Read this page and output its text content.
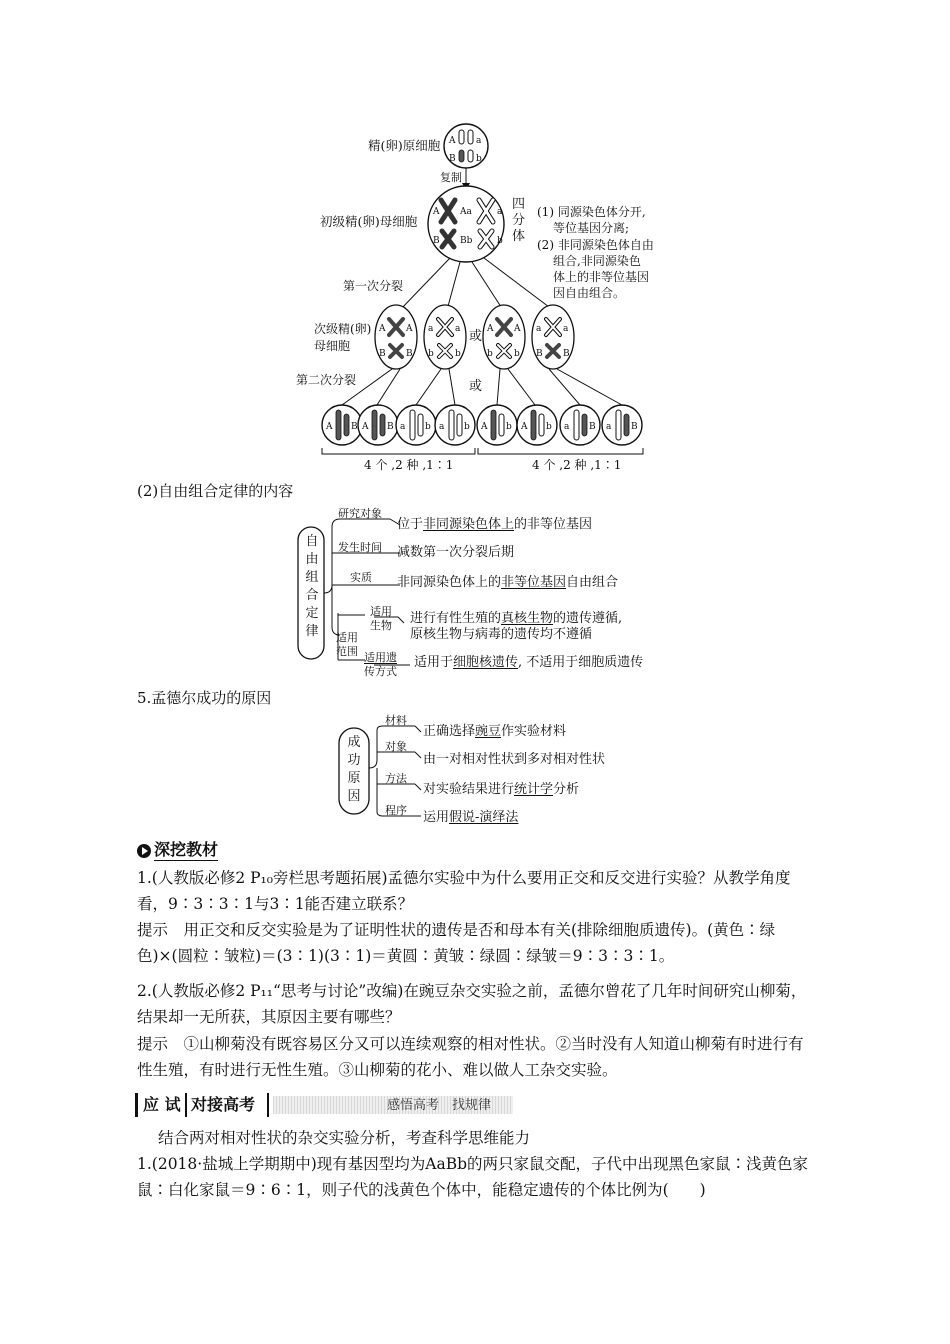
精(卵)原细胞 A a
B b
复制
初级精(卵)母细胞
A Aa	a
B Bb	b
四
分
体
(1) 同源染色体分开,
等位基因分离;
(2) 非同源染色体自由
组合,非同源染色
体上的非等位基因
因自由组合。
第一次分裂
次级精(卵)
母细胞
A A
B B
a a
b b
或 A A
b b
a a
B B
第二次分裂	或
A B A B a b a b A b A b a B a B
4 个 ,2 种 ,1∶1	4 个 ,2 种 ,1∶1
(2)自由组合定律的内容
自
由
组
合
定
律
研究对象
位于非同源染色体上的非等位基因
发生时间 减数第一次分裂后期
实质 非同源染色体上的非等位基因自由组合
适用
范围
适用
生物	进行有性生殖的真核生物的遗传遵循,
原核生物与病毒的遗传均不遵循
适用遗
传方式
适用于细胞核遗传, 不适用于细胞质遗传
5.孟德尔成功的原因
成
功
原
因
材料
正确选择豌豆作实验材料
对象
由一对相对性状到多对相对性状
方法
对实验结果进行统计学分析
程序 运用假说-演绎法
深挖教材
1.(人教版必修2 P₁₀旁栏思考题拓展)孟德尔实验中为什么要用正交和反交进行实验？从教学角度看，9∶3∶3∶1与3∶1能否建立联系？
提示　用正交和反交实验是为了证明性状的遗传是否和母本有关(排除细胞质遗传)。(黄色∶绿色)×(圆粒∶皱粒)＝(3∶1)(3∶1)＝黄圆∶黄皱∶绿圆∶绿皱＝9∶3∶3∶1。
2.(人教版必修2 P₁₁“思考与讨论”改编)在豌豆杂交实验之前，孟德尔曾花了几年时间研究山柳菊，结果却一无所获，其原因主要有哪些？
提示　①山柳菊没有既容易区分又可以连续观察的相对性状。②当时没有人知道山柳菊有时进行有性生殖，有时进行无性生殖。③山柳菊的花小、难以做人工杂交实验。
应 试 对接高考	感悟高考　找规律
结合两对相对性状的杂交实验分析，考查科学思维能力
1.(2018·盐城上学期期中)现有基因型均为AaBb的两只家鼠交配，子代中出现黑色家鼠∶浅黄色家鼠∶白化家鼠＝9∶6∶1，则子代的浅黄色个体中，能稳定遗传的个体比例为(　　)
